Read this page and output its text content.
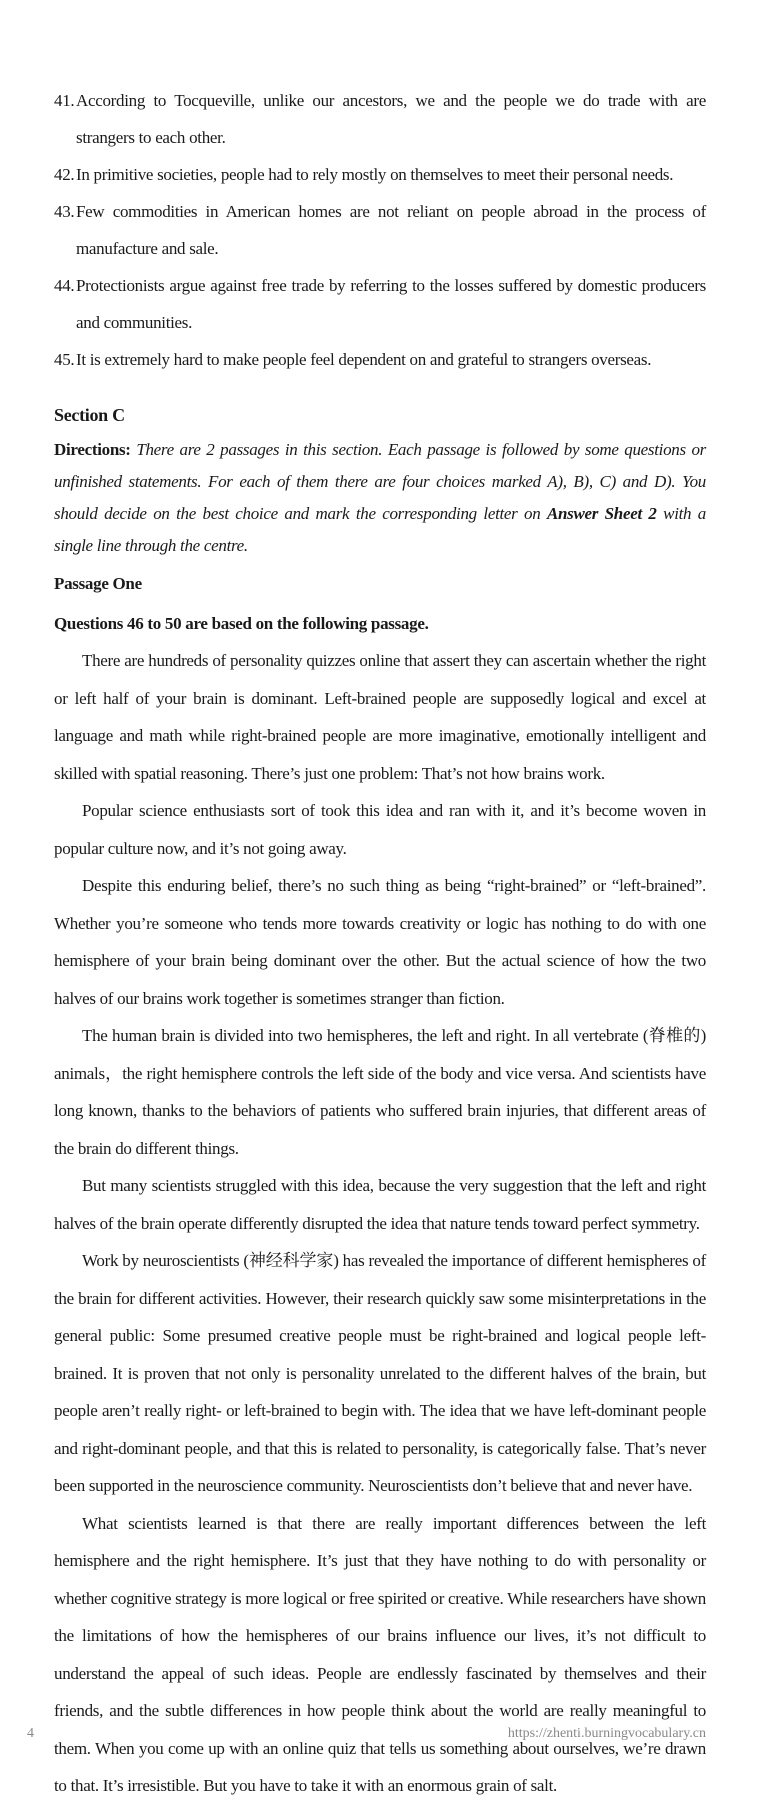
41. According to Tocqueville, unlike our ancestors, we and the people we do trade with are strangers to each other.
42. In primitive societies, people had to rely mostly on themselves to meet their personal needs.
43. Few commodities in American homes are not reliant on people abroad in the process of manufacture and sale.
44. Protectionists argue against free trade by referring to the losses suffered by domestic producers and communities.
45. It is extremely hard to make people feel dependent on and grateful to strangers overseas.
Section C
Directions: There are 2 passages in this section. Each passage is followed by some questions or unfinished statements. For each of them there are four choices marked A), B), C) and D). You should decide on the best choice and mark the corresponding letter on Answer Sheet 2 with a single line through the centre.
Passage One
Questions 46 to 50 are based on the following passage.

There are hundreds of personality quizzes online that assert they can ascertain whether the right or left half of your brain is dominant. Left-brained people are supposedly logical and excel at language and math while right-brained people are more imaginative, emotionally intelligent and skilled with spatial reasoning. There’s just one problem: That’s not how brains work.

Popular science enthusiasts sort of took this idea and ran with it, and it’s become woven in popular culture now, and it’s not going away.

Despite this enduring belief, there’s no such thing as being “right-brained” or “left-brained”. Whether you’re someone who tends more towards creativity or logic has nothing to do with one hemisphere of your brain being dominant over the other. But the actual science of how the two halves of our brains work together is sometimes stranger than fiction.

The human brain is divided into two hemispheres, the left and right. In all vertebrate (脊椎的) animals，the right hemisphere controls the left side of the body and vice versa. And scientists have long known, thanks to the behaviors of patients who suffered brain injuries, that different areas of the brain do different things.

But many scientists struggled with this idea, because the very suggestion that the left and right halves of the brain operate differently disrupted the idea that nature tends toward perfect symmetry.

Work by neuroscientists (神经科学家) has revealed the importance of different hemispheres of the brain for different activities. However, their research quickly saw some misinterpretations in the general public: Some presumed creative people must be right-brained and logical people left-brained. It is proven that not only is personality unrelated to the different halves of the brain, but people aren’t really right- or left-brained to begin with. The idea that we have left-dominant people and right-dominant people, and that this is related to personality, is categorically false. That’s never been supported in the neuroscience community. Neuroscientists don’t believe that and never have.

What scientists learned is that there are really important differences between the left hemisphere and the right hemisphere. It’s just that they have nothing to do with personality or whether cognitive strategy is more logical or free spirited or creative. While researchers have shown the limitations of how the hemispheres of our brains influence our lives, it’s not difficult to understand the appeal of such ideas. People are endlessly fascinated by themselves and their friends, and the subtle differences in how people think about the world are really meaningful to them. When you come up with an online quiz that tells us something about ourselves, we’re drawn to that. It’s irresistible. But you have to take it with an enormous grain of salt.

4	https://zhenti.burningvocabulary.cn
